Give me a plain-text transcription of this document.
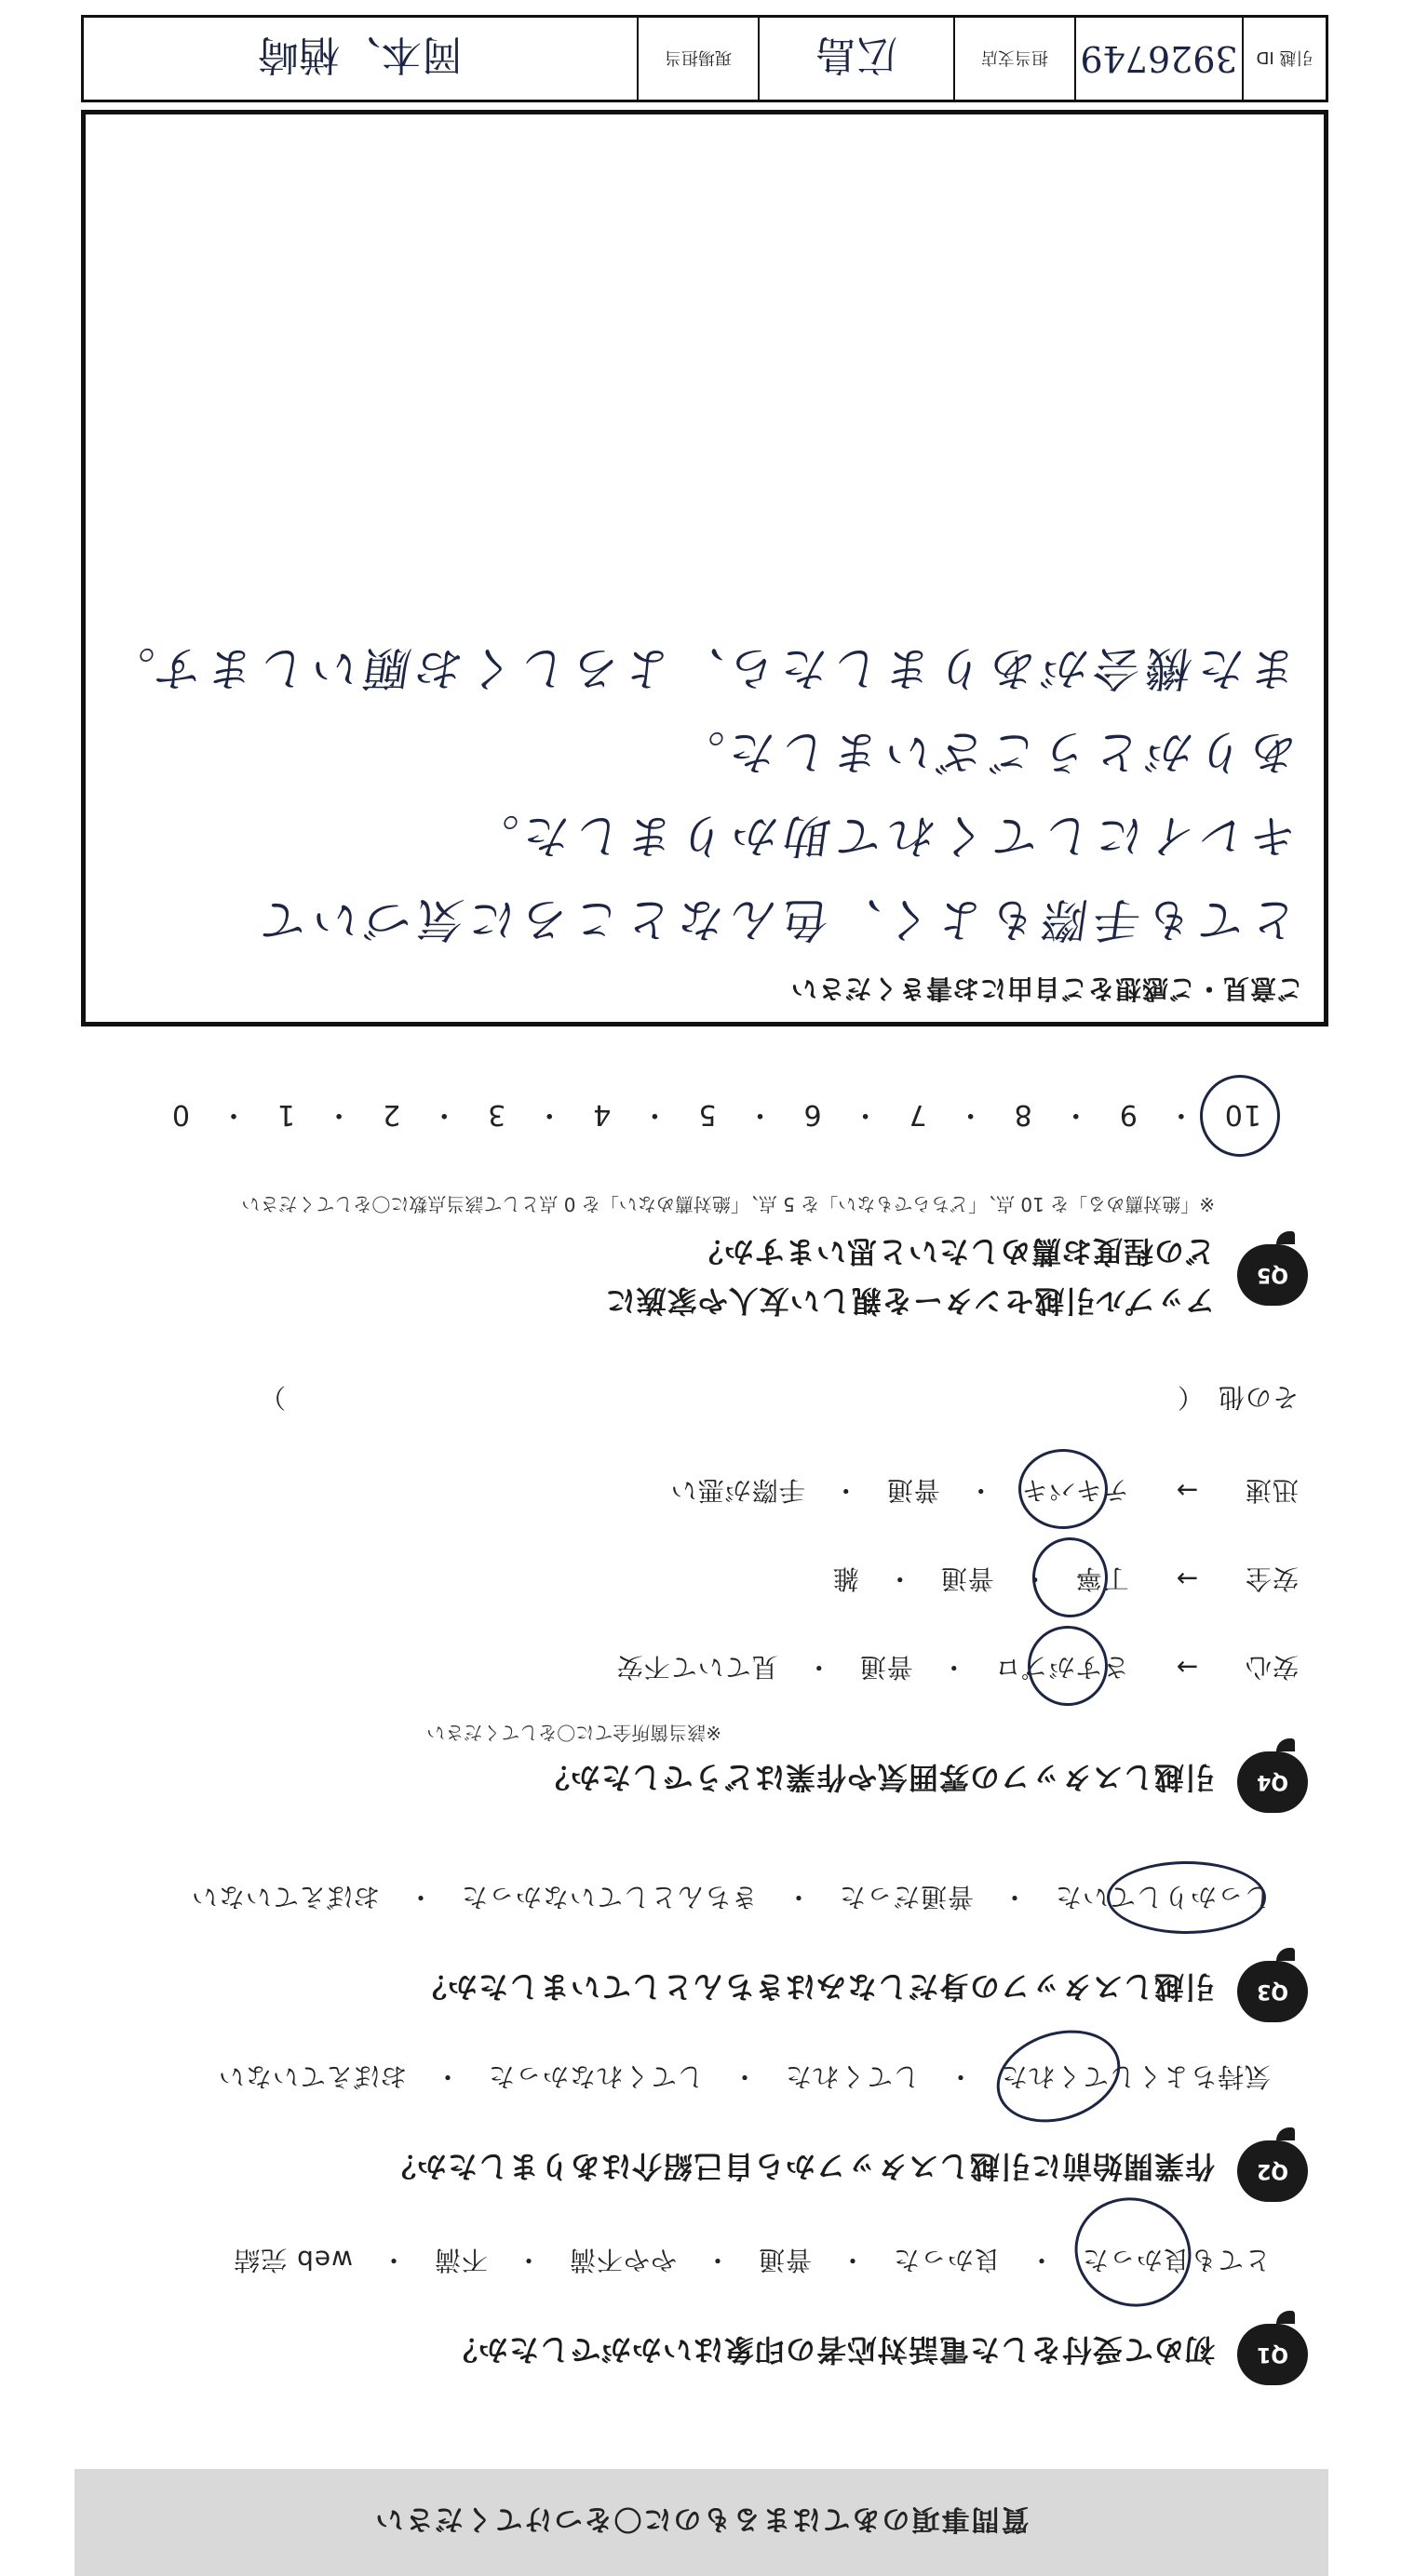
質問事項のあてはまるものに〇をつけてください
Q1
初めて受付をした電話対応者の印象はいかがでしたか？
とても良かった　・　良かった　・　普通　・　やや不満　・　不満　・　web 完結
Q2
作業開始前に引越しスタッフから自己紹介はありましたか？
気持ちよくしてくれた　・　してくれた　・　してくれなかった　・　おぼえていない
Q3
引越しスタッフの身だしなみはきちんとしていましたか？
しっかりしていた　・　普通だった　・　きちんとしていなかった　・　おぼえていない
Q4
引越しスタッフの雰囲気や作業はどうでしたか？
※該当箇所全てに〇をしてください
安心 → さすがプロ　・　普通　・　見ていて不安
安全 → 丁寧　・　普通　・　雑
迅速 → テキパキ　・　普通　・　手際が悪い
その他　（　　　　　　　　　　　　　　　　　　　　　　　　　　　　　　　　　）
Q5
アップル引越センターを親しい友人や家族に
どの程度お薦めしたいと思いますか？
※「絶対薦める」を 10 点、「どちらでもない」を 5 点、「絶対薦めない」を 0 点として該当点数に〇をしてください
10　・　9　・　8　・　7　・　6　・　5　・　4　・　3　・　2　・　1　・　0
ご意見・ご感想をご自由にお書きください
とても手際もよく、色んなところに気づいて
キレイにしてくれて助かりました。
ありがとうございました。
また機会がありましたら、よろしくお願いします。
引越 ID
3926749
担当支店
広島
現場担当
岡本、楢崎
